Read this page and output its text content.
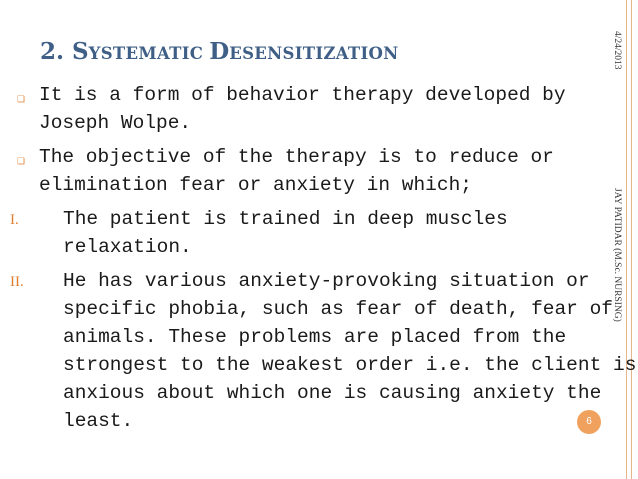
2. SYSTEMATIC DESENSITIZATION	4/24/2013
JAY PATIDAR (M.Sc. NURSING)
❏ It is a form of behavior therapy developed by
Joseph Wolpe.
❏ The objective of the therapy is to reduce or
elimination fear or anxiety in which;
I. The patient is trained in deep muscles
relaxation.
II. He has various anxiety-provoking situation or
specific phobia, such as fear of death, fear of
animals. These problems are placed from the
strongest to the weakest order i.e. the client is
anxious about which one is causing anxiety the
least.	6
